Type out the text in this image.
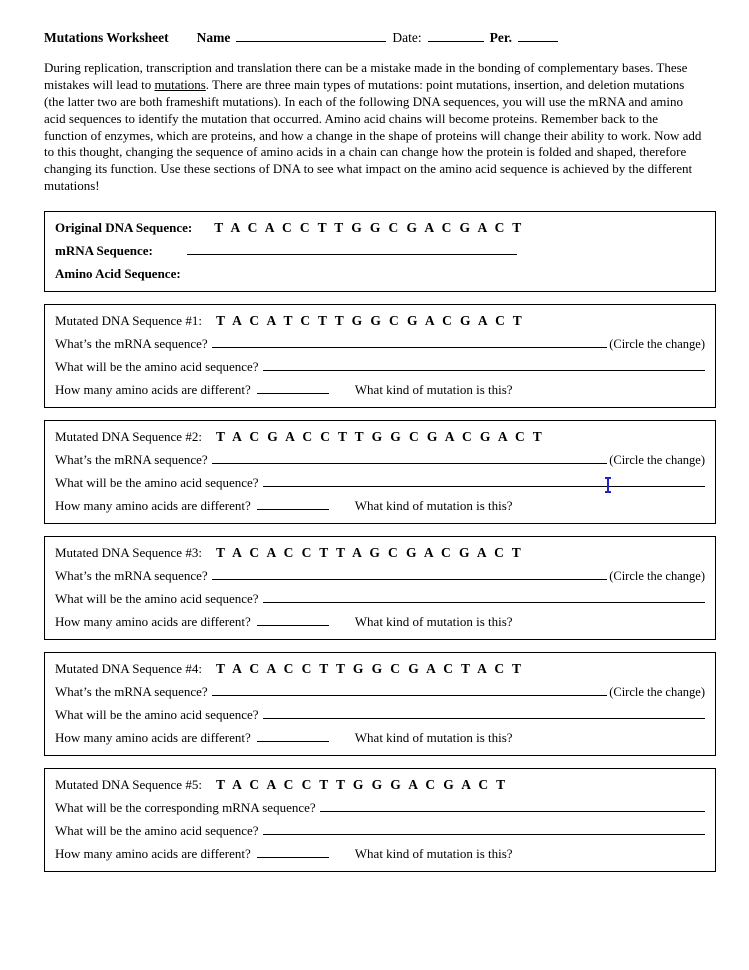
Mutations Worksheet Name	Date:	Per.

During replication, transcription and translation there can be a mistake made in the bonding of complementary bases. These mistakes will lead to mutations. There are three main types of mutations: point mutations, insertion, and deletion mutations (the latter two are both frameshift mutations). In each of the following DNA sequences, you will use the mRNA and amino acid sequences to identify the mutation that occurred. Amino acid chains will become proteins. Remember back to the function of enzymes, which are proteins, and how a change in the shape of proteins will change their ability to work. Now add to this thought, changing the sequence of amino acids in a chain can change how the protein is folded and shaped, therefore changing its function. Use these sections of DNA to see what impact on the amino acid sequence is achieved by the different mutations!

Original DNA Sequence : T A C A C C T T G G C G A C G A C T
mRNA Sequence:
Amino Acid Sequence:
Mutated DNA Sequence #1: T A C A T C T T G G C G A C G A C T
What’s the mRNA sequence?	(Circle the change)
What will be the amino acid sequence?
How many amino acids are different?	What kind of mutation is this?
Mutated DNA Sequence #2: T A C G A C C T T G G C G A C G A C T
What’s the mRNA sequence?	(Circle the change)
What will be the amino acid sequence?
How many amino acids are different?	What kind of mutation is this?
Mutated DNA Sequence #3: T A C A C C T T A G C G A C G A C T
What’s the mRNA sequence?	(Circle the change)
What will be the amino acid sequence?
How many amino acids are different?	What kind of mutation is this?
Mutated DNA Sequence #4: T A C A C C T T G G C G A C T A C T
What’s the mRNA sequence?	(Circle the change)
What will be the amino acid sequence?
How many amino acids are different?	What kind of mutation is this?
Mutated DNA Sequence #5: T A C A C C T T G G G A C G A C T
What will be the corresponding mRNA sequence?
What will be the amino acid sequence?
How many amino acids are different?	What kind of mutation is this?
